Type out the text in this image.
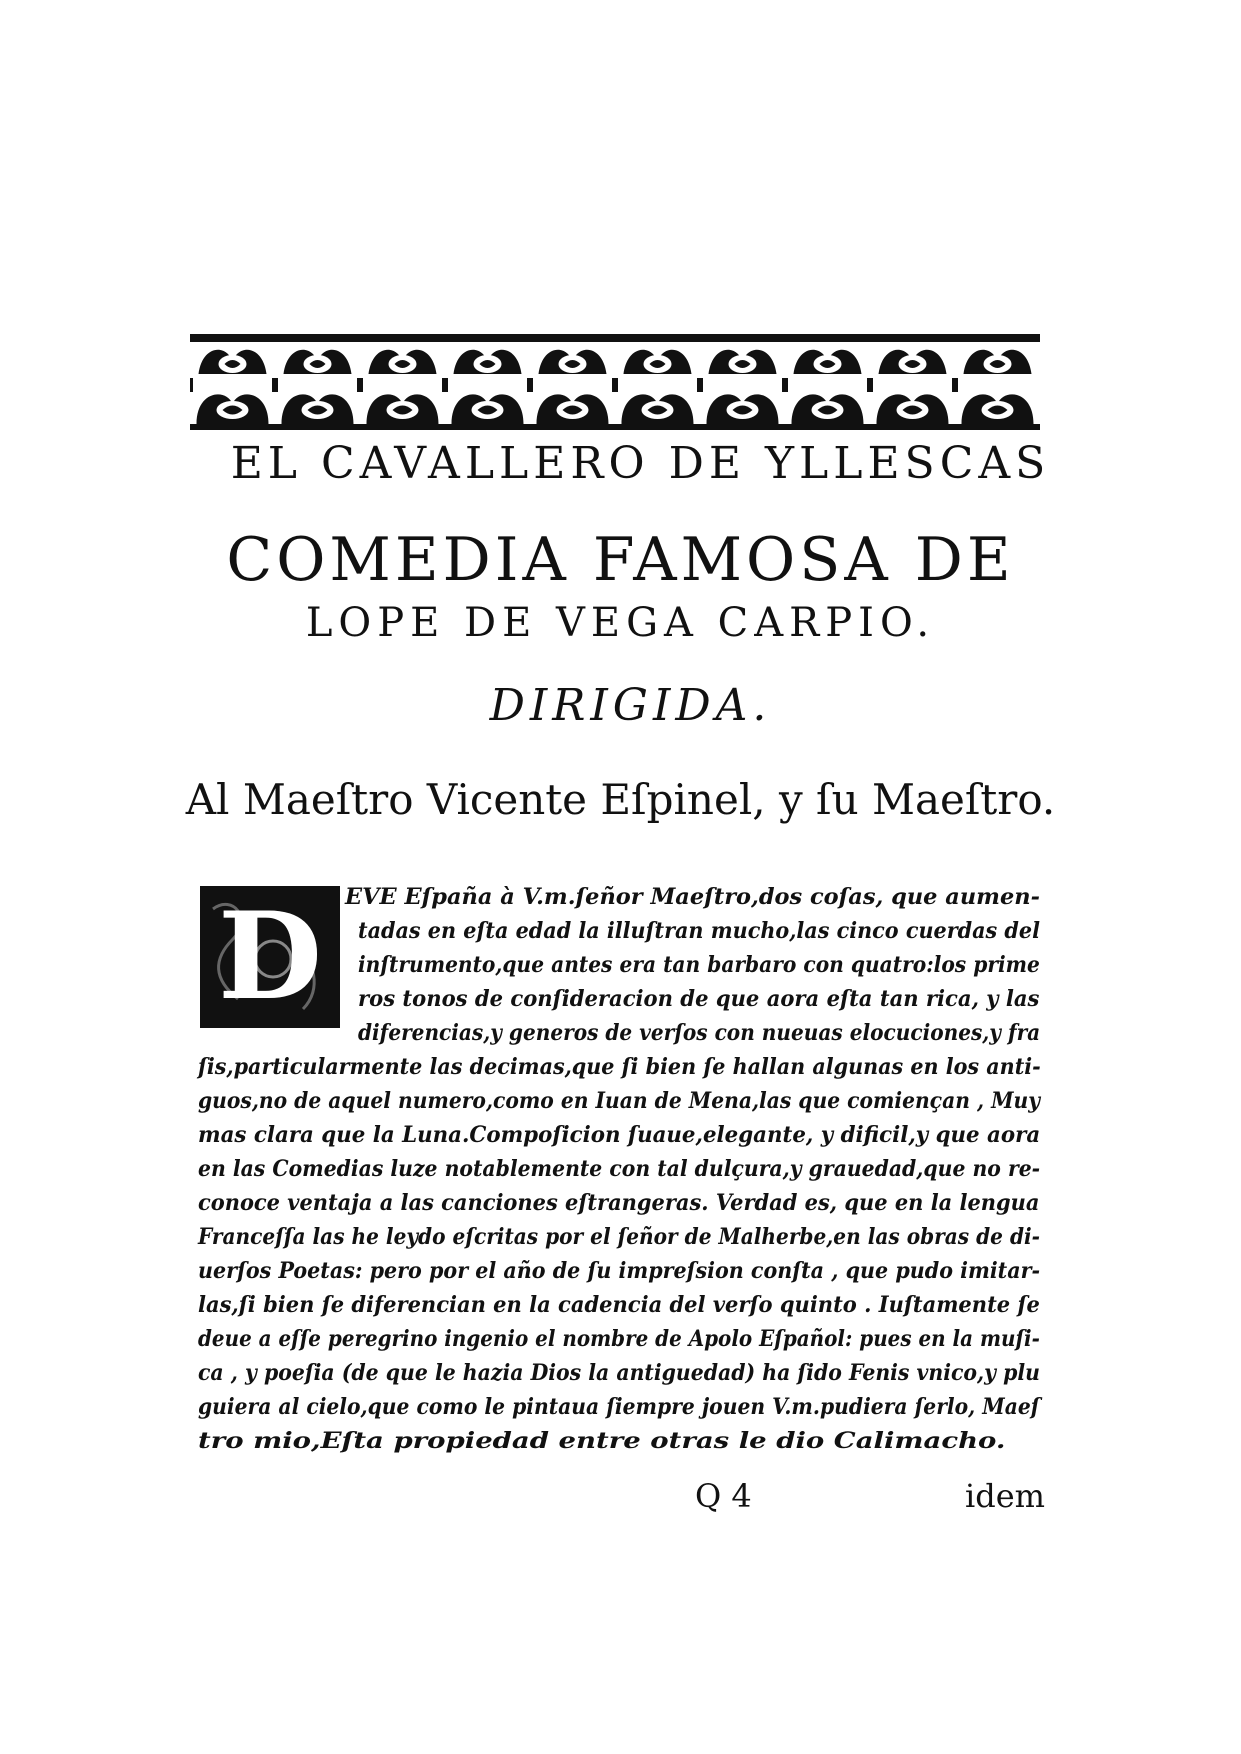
EL CAVALLERO DE YLLESCAS
COMEDIA FAMOSA DE
LOPE DE VEGA CARPIO.
DIRIGIDA.
Al Maeſtro Vicente Eſpinel, y ſu Maeſtro.
D	EVE Eſpaña à V.m.ſeñor Maeſtro,dos coſas, que aumen-
tadas en eſta edad la illuſtran mucho,las cinco cuerdas del
inſtrumento,que antes era tan barbaro con quatro:los prime
ros tonos de conſideracion de que aora eſta tan rica, y las
diferencias,y generos de verſos con nueuas elocuciones,y fra
ſis,particularmente las decimas,que ſi bien ſe hallan algunas en los anti-
guos,no de aquel numero,como en Iuan de Mena,las que comiençan , Muy
mas clara que la Luna.Compoſicion ſuaue,elegante, y dificil,y que aora
en las Comedias luze notablemente con tal dulçura,y grauedad,que no re-
conoce ventaja a las canciones eſtrangeras. Verdad es, que en la lengua
Franceſſa las he leydo eſcritas por el ſeñor de Malherbe,en las obras de di-
uerſos Poetas: pero por el año de ſu impreſsion conſta , que pudo imitar-
las,ſi bien ſe diferencian en la cadencia del verſo quinto . Iuſtamente ſe
deue a eſſe peregrino ingenio el nombre de Apolo Eſpañol: pues en la muſi-
ca , y poeſia (de que le hazia Dios la antiguedad) ha ſido Fenis vnico,y plu
guiera al cielo,que como le pintaua ſiempre jouen V.m.pudiera ſerlo, Maeſ
tro mio,Eſta propiedad entre otras le dio Calimacho.
Q 4	idem
